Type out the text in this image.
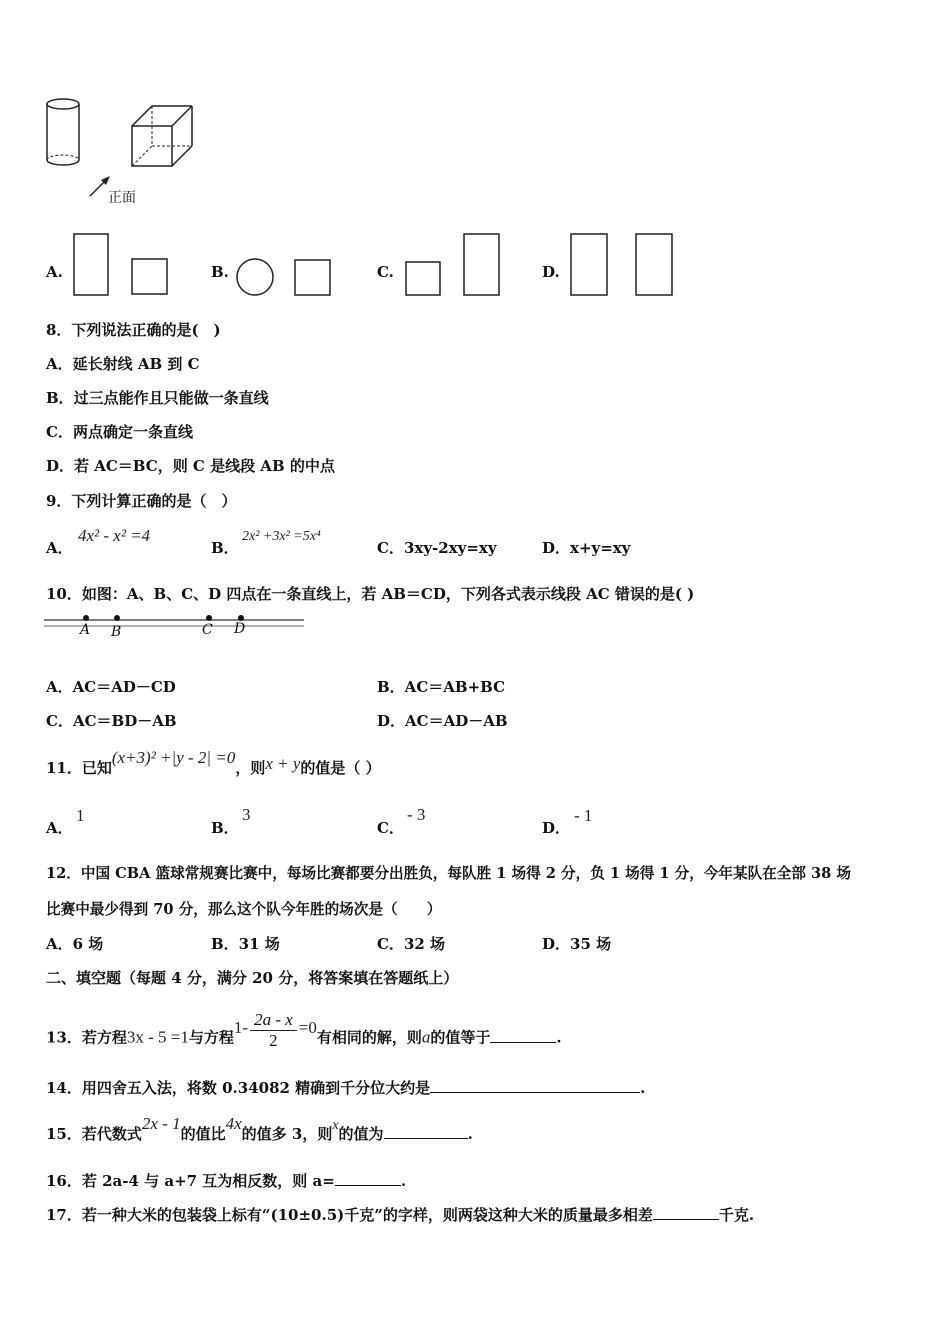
正面
A.	B.	C.	D.
8．下列说法正确的是(　)
A．延长射线 AB 到 C
B．过三点能作且只能做一条直线
C．两点确定一条直线
D．若 AC＝BC，则 C 是线段 AB 的中点
9．下列计算正确的是（　）
A．
4x² - x² =4
B．
2x² +3x² =5x⁴
C．3xy-2xy=xy	D．x+y=xy
10．如图：A、B、C、D 四点在一条直线上，若 AB＝CD，下列各式表示线段 AC 错误的是( )
A B	C D
A．AC＝AD－CD	B．AC＝AB+BC
C．AC＝BD－AB	D．AC＝AD－AB
11．已知(x+3)² +|y - 2| =0，则x + y的值是（ ）
A．
1
B．
3
C．
- 3
D．
- 1
12．中国 CBA 篮球常规赛比赛中，每场比赛都要分出胜负，每队胜 1 场得 2 分，负 1 场得 1 分，今年某队在全部 38 场
比赛中最少得到 70 分，那么这个队今年胜的场次是（　　）
A．6 场	B．31 场	C．32 场	D．35 场
二、填空题（每题 4 分，满分 20 分，将答案填在答题纸上）
13．若方程3x - 5 =1与方程$1- \frac{2a - x}{2} =0$有相同的解，则a的值等于	.
14．用四舍五入法，将数 0.34082 精确到千分位大约是	.
15．若代数式2x - 1的值比4x的值多 3，则x的值为	.
16．若 2a-4 与 a+7 互为相反数，则 a=	.
17．若一种大米的包装袋上标有“(10±0.5)千克”的字样，则两袋这种大米的质量最多相差	千克.
